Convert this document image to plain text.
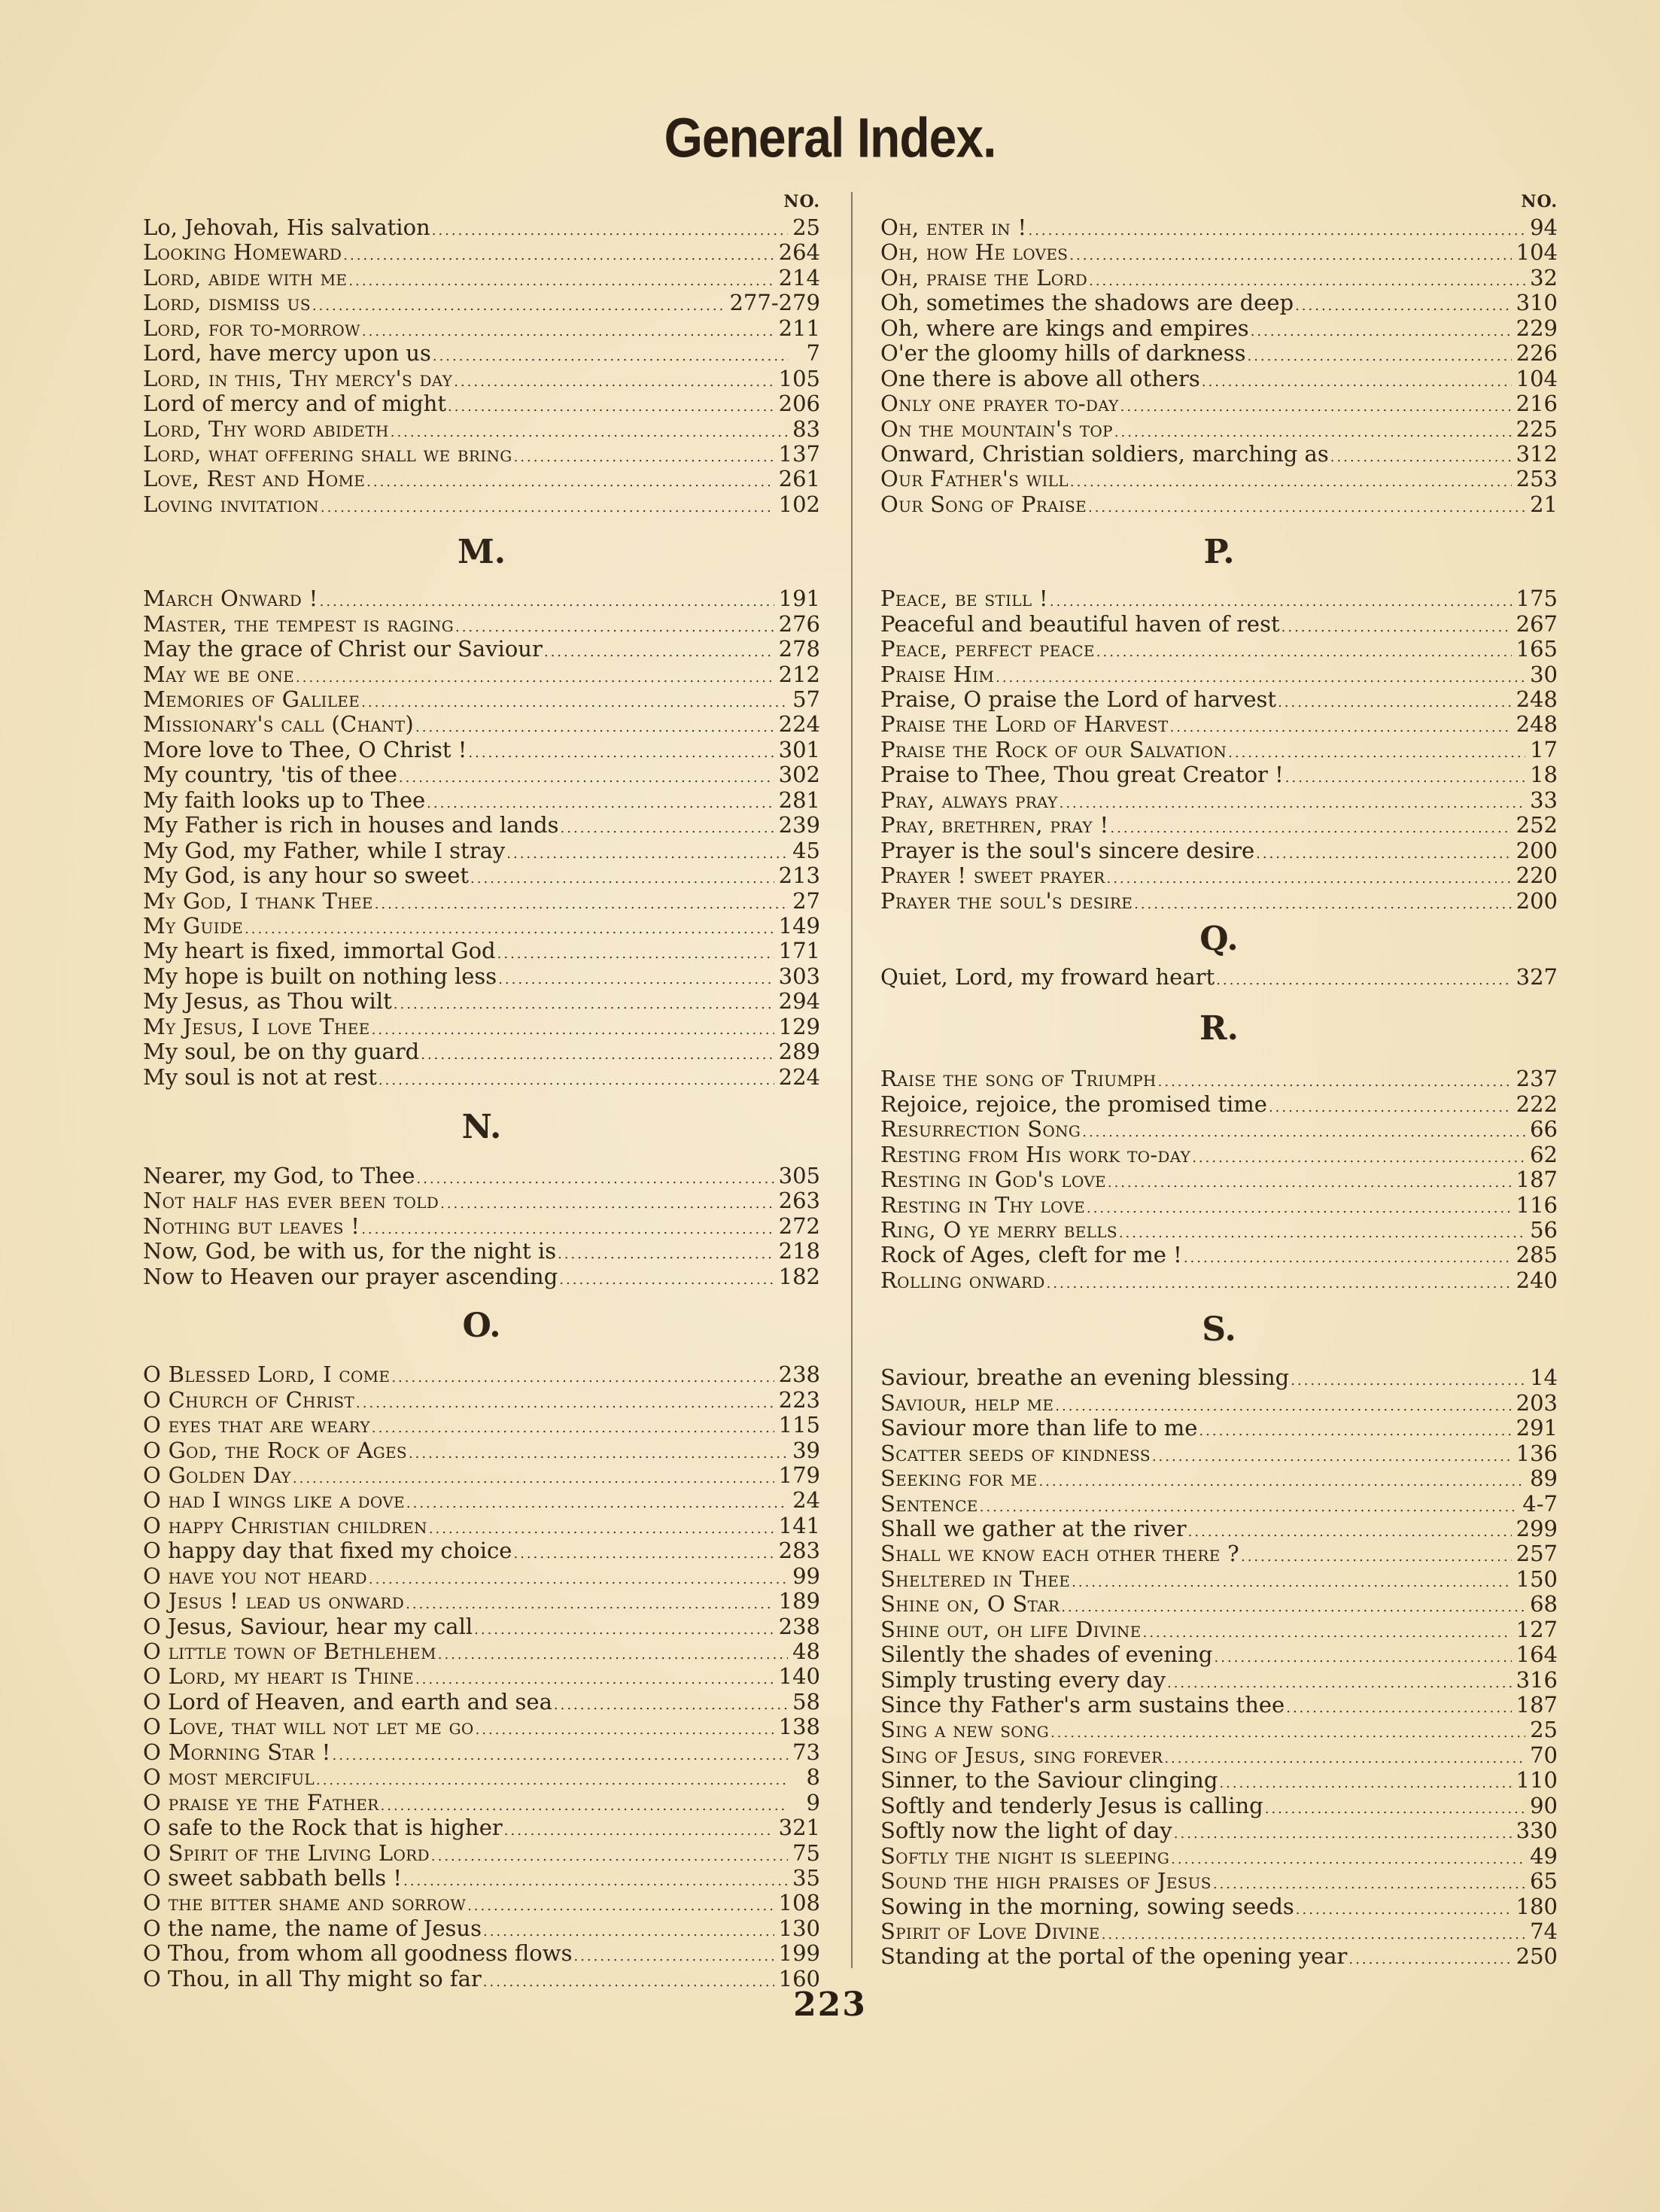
General Index.
NO.
Lo, Jehovah, His salvation .....	25
Looking Homeward .....	264
Lord, abide with me .....	214
Lord, dismiss us .....	277-279
Lord, for to-morrow .....	211
Lord, have mercy upon us .....	7
Lord, in this, Thy mercy's day .....	105
Lord of mercy and of might .....	206
Lord, Thy word abideth .....	83
Lord, what offering shall we bring .....	137
Love, Rest and Home .....	261
Loving invitation .....	102
M.
March Onward ! .....	191
Master, the tempest is raging .....	276
May the grace of Christ our Saviour .....	278
May we be one .....	212
Memories of Galilee .....	57
Missionary's call (Chant) .....	224
More love to Thee, O Christ ! .....	301
My country, 'tis of thee .....	302
My faith looks up to Thee .....	281
My Father is rich in houses and lands .....	239
My God, my Father, while I stray .....	45
My God, is any hour so sweet .....	213
My God, I thank Thee .....	27
My Guide .....	149
My heart is fixed, immortal God .....	171
My hope is built on nothing less .....	303
My Jesus, as Thou wilt .....	294
My Jesus, I love Thee .....	129
My soul, be on thy guard .....	289
My soul is not at rest .....	224
N.
Nearer, my God, to Thee .....	305
Not half has ever been told .....	263
Nothing but leaves ! .....	272
Now, God, be with us, for the night is .....	218
Now to Heaven our prayer ascending .....	182
O.
O Blessed Lord, I come .....	238
O Church of Christ .....	223
O eyes that are weary .....	115
O God, the Rock of Ages .....	39
O Golden Day .....	179
O had I wings like a dove .....	24
O happy Christian children .....	141
O happy day that fixed my choice .....	283
O have you not heard .....	99
O Jesus ! lead us onward .....	189
O Jesus, Saviour, hear my call .....	238
O little town of Bethlehem .....	48
O Lord, my heart is Thine .....	140
O Lord of Heaven, and earth and sea .....	58
O Love, that will not let me go .....	138
O Morning Star ! .....	73
O most merciful .....	8
O praise ye the Father .....	9
O safe to the Rock that is higher .....	321
O Spirit of the Living Lord .....	75
O sweet sabbath bells ! .....	35
O the bitter shame and sorrow .....	108
O the name, the name of Jesus .....	130
O Thou, from whom all goodness flows .....	199
O Thou, in all Thy might so far .....	160
NO.
Oh, enter in ! .....	94
Oh, how He loves .....	104
Oh, praise the Lord .....	32
Oh, sometimes the shadows are deep .....	310
Oh, where are kings and empires .....	229
O'er the gloomy hills of darkness .....	226
One there is above all others .....	104
Only one prayer to-day .....	216
On the mountain's top .....	225
Onward, Christian soldiers, marching as .....	312
Our Father's will .....	253
Our Song of Praise .....	21
P.
Peace, be still ! .....	175
Peaceful and beautiful haven of rest .....	267
Peace, perfect peace .....	165
Praise Him .....	30
Praise, O praise the Lord of harvest .....	248
Praise the Lord of Harvest .....	248
Praise the Rock of our Salvation .....	17
Praise to Thee, Thou great Creator ! .....	18
Pray, always pray .....	33
Pray, brethren, pray ! .....	252
Prayer is the soul's sincere desire .....	200
Prayer ! sweet prayer .....	220
Prayer the soul's desire .....	200
Q.
Quiet, Lord, my froward heart .....	327
R.
Raise the song of Triumph .....	237
Rejoice, rejoice, the promised time .....	222
Resurrection Song .....	66
Resting from His work to-day .....	62
Resting in God's love .....	187
Resting in Thy love .....	116
Ring, O ye merry bells .....	56
Rock of Ages, cleft for me ! .....	285
Rolling onward .....	240
S.
Saviour, breathe an evening blessing .....	14
Saviour, help me .....	203
Saviour more than life to me .....	291
Scatter seeds of kindness .....	136
Seeking for me .....	89
Sentence .....	4-7
Shall we gather at the river .....	299
Shall we know each other there ? .....	257
Sheltered in Thee .....	150
Shine on, O Star .....	68
Shine out, oh life Divine .....	127
Silently the shades of evening .....	164
Simply trusting every day .....	316
Since thy Father's arm sustains thee .....	187
Sing a new song .....	25
Sing of Jesus, sing forever .....	70
Sinner, to the Saviour clinging .....	110
Softly and tenderly Jesus is calling .....	90
Softly now the light of day .....	330
Softly the night is sleeping .....	49
Sound the high praises of Jesus .....	65
Sowing in the morning, sowing seeds .....	180
Spirit of Love Divine .....	74
Standing at the portal of the opening year .....	250
223
